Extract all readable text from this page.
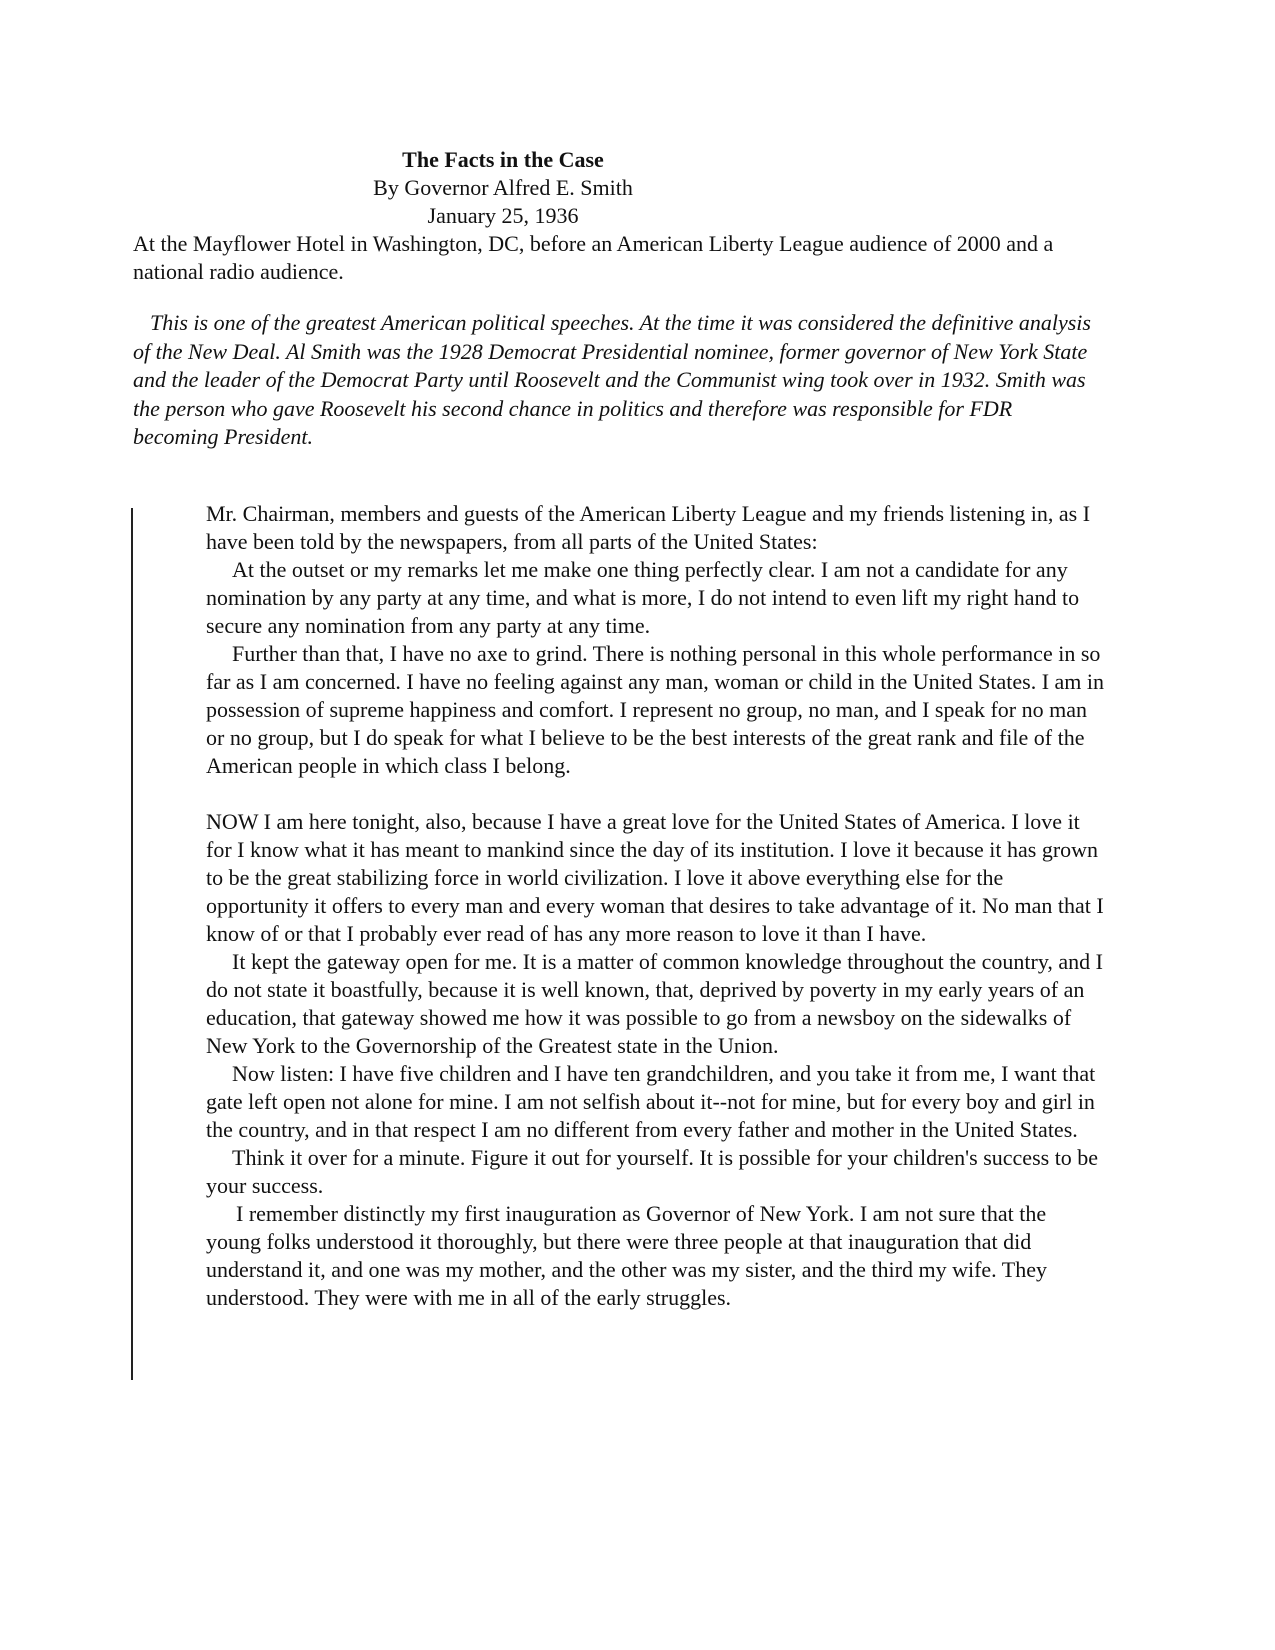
The Facts in the Case
By Governor Alfred E. Smith
January 25, 1936
At the Mayflower Hotel in Washington, DC, before an American Liberty League audience of 2000 and a national radio audience.
This is one of the greatest American political speeches. At the time it was considered the definitive analysis of the New Deal. Al Smith was the 1928 Democrat Presidential nominee, former governor of New York State and the leader of the Democrat Party until Roosevelt and the Communist wing took over in 1932. Smith was the person who gave Roosevelt his second chance in politics and therefore was responsible for FDR becoming President.

Mr. Chairman, members and guests of the American Liberty League and my friends listening in, as I have been told by the newspapers, from all parts of the United States:

At the outset or my remarks let me make one thing perfectly clear. I am not a candidate for any nomination by any party at any time, and what is more, I do not intend to even lift my right hand to secure any nomination from any party at any time.

Further than that, I have no axe to grind. There is nothing personal in this whole performance in so far as I am concerned. I have no feeling against any man, woman or child in the United States. I am in possession of supreme happiness and comfort. I represent no group, no man, and I speak for no man or no group, but I do speak for what I believe to be the best interests of the great rank and file of the American people in which class I belong.

NOW I am here tonight, also, because I have a great love for the United States of America. I love it for I know what it has meant to mankind since the day of its institution. I love it because it has grown to be the great stabilizing force in world civilization. I love it above everything else for the opportunity it offers to every man and every woman that desires to take advantage of it. No man that I know of or that I probably ever read of has any more reason to love it than I have.

It kept the gateway open for me. It is a matter of common knowledge throughout the country, and I do not state it boastfully, because it is well known, that, deprived by poverty in my early years of an education, that gateway showed me how it was possible to go from a newsboy on the sidewalks of New York to the Governorship of the Greatest state in the Union.

Now listen: I have five children and I have ten grandchildren, and you take it from me, I want that gate left open not alone for mine. I am not selfish about it--not for mine, but for every boy and girl in the country, and in that respect I am no different from every father and mother in the United States.

Think it over for a minute. Figure it out for yourself. It is possible for your children's success to be your success.

I remember distinctly my first inauguration as Governor of New York. I am not sure that the young folks understood it thoroughly, but there were three people at that inauguration that did understand it, and one was my mother, and the other was my sister, and the third my wife. They understood. They were with me in all of the early struggles.
